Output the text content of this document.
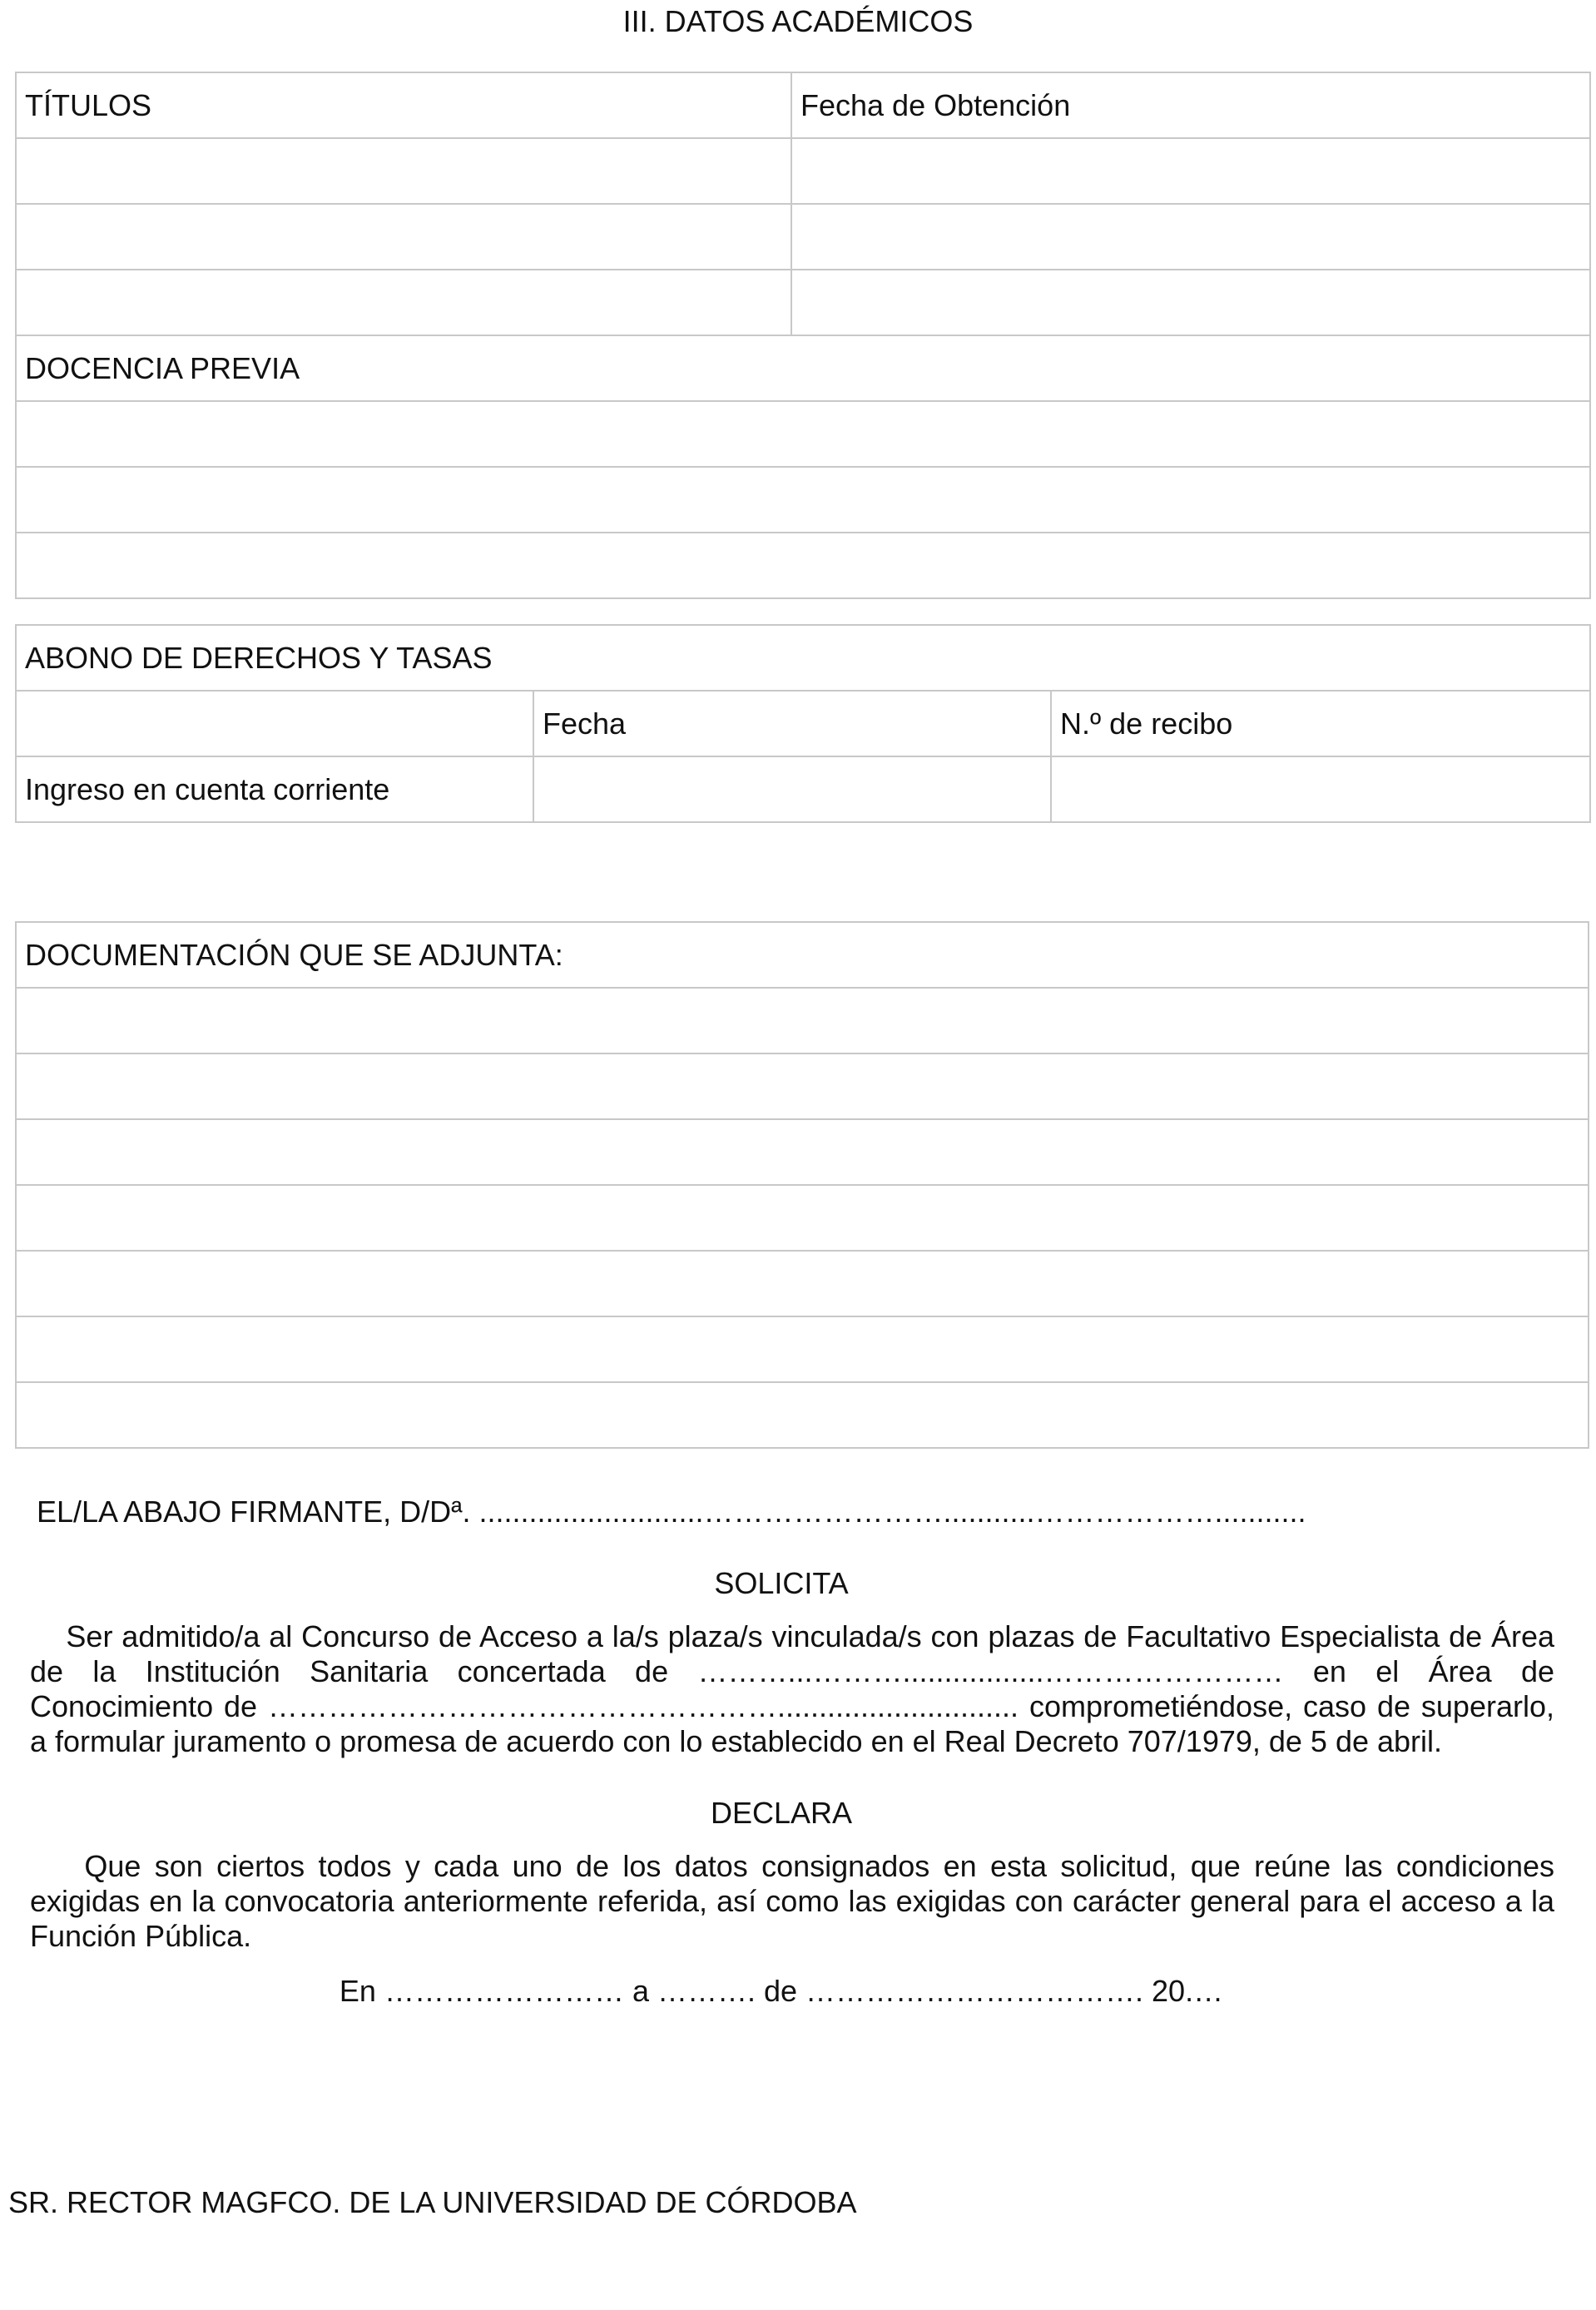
III. DATOS ACADÉMICOS
TÍTULOS	Fecha de Obtención

DOCENCIA PREVIA	

ABONO DE DERECHOS Y TASAS		
	Fecha	N.º de recibo
Ingreso en cuenta corriente		
DOCUMENTACIÓN QUE SE ADJUNTA:

EL/LA ABAJO FIRMANTE, D/Dª. ...........................……………………...........………………...........
SOLICITA

Ser admitido/a al Concurso de Acceso a la/s plaza/s vinculada/s con plazas de Facultativo Especialista de Área
de la Institución Sanitaria concertada de ………...……….................…………………… en el Área de
Conocimiento de ……………………………………………............................. comprometiéndose, caso de superarlo,
a formular juramento o promesa de acuerdo con lo establecido en el Real Decreto 707/1979, de 5 de abril.

DECLARA

Que son ciertos todos y cada uno de los datos consignados en esta solicitud, que reúne las condiciones
exigidas en la convocatoria anteriormente referida, así como las exigidas con carácter general para el acceso a la
Función Pública.

En …………………… a ………. de ……………………………. 20.…
SR. RECTOR MAGFCO. DE LA UNIVERSIDAD DE CÓRDOBA
